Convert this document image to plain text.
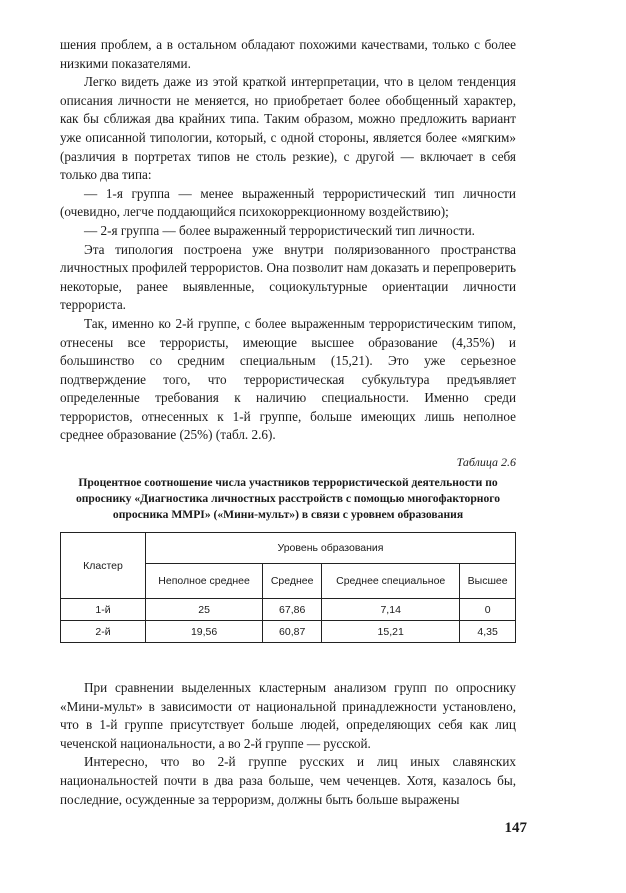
шения проблем, а в остальном обладают похожими качествами, только с более низкими показателями.

Легко видеть даже из этой краткой интерпретации, что в целом тенденция описания личности не меняется, но приобретает более обобщенный характер, как бы сближая два крайних типа. Таким образом, можно предложить вариант уже описанной типологии, который, с одной стороны, является более «мягким» (различия в портретах типов не столь резкие), с другой — включает в себя только два типа:

— 1-я группа — менее выраженный террористический тип личности (очевидно, легче поддающийся психокоррекционному воздействию);

— 2-я группа — более выраженный террористический тип личности.

Эта типология построена уже внутри поляризованного пространства личностных профилей террористов. Она позволит нам доказать и перепроверить некоторые, ранее выявленные, социокультурные ориентации личности террориста.

Так, именно ко 2-й группе, с более выраженным террористическим типом, отнесены все террористы, имеющие высшее образование (4,35%) и большинство со средним специальным (15,21). Это уже серьезное подтверждение того, что террористическая субкультура предъявляет определенные требования к наличию специальности. Именно среди террористов, отнесенных к 1-й группе, больше имеющих лишь неполное среднее образование (25%) (табл. 2.6).

Таблица 2.6
Процентное соотношение числа участников террористической деятельности по опроснику «Диагностика личностных расстройств с помощью многофакторного опросника MMPI» («Мини-мульт») в связи с уровнем образования
Кластер	Уровень образования			
	Неполное среднее	Среднее	Среднее специальное	Высшее
1-й	25	67,86	7,14	0
2-й	19,56	60,87	15,21	4,35

При сравнении выделенных кластерным анализом групп по опроснику «Мини-мульт» в зависимости от национальной принадлежности установлено, что в 1-й группе присутствует больше людей, определяющих себя как лиц чеченской национальности, а во 2-й группе — русской.

Интересно, что во 2-й группе русских и лиц иных славянских национальностей почти в два раза больше, чем чеченцев. Хотя, казалось бы, последние, осужденные за терроризм, должны быть больше выражены

147
